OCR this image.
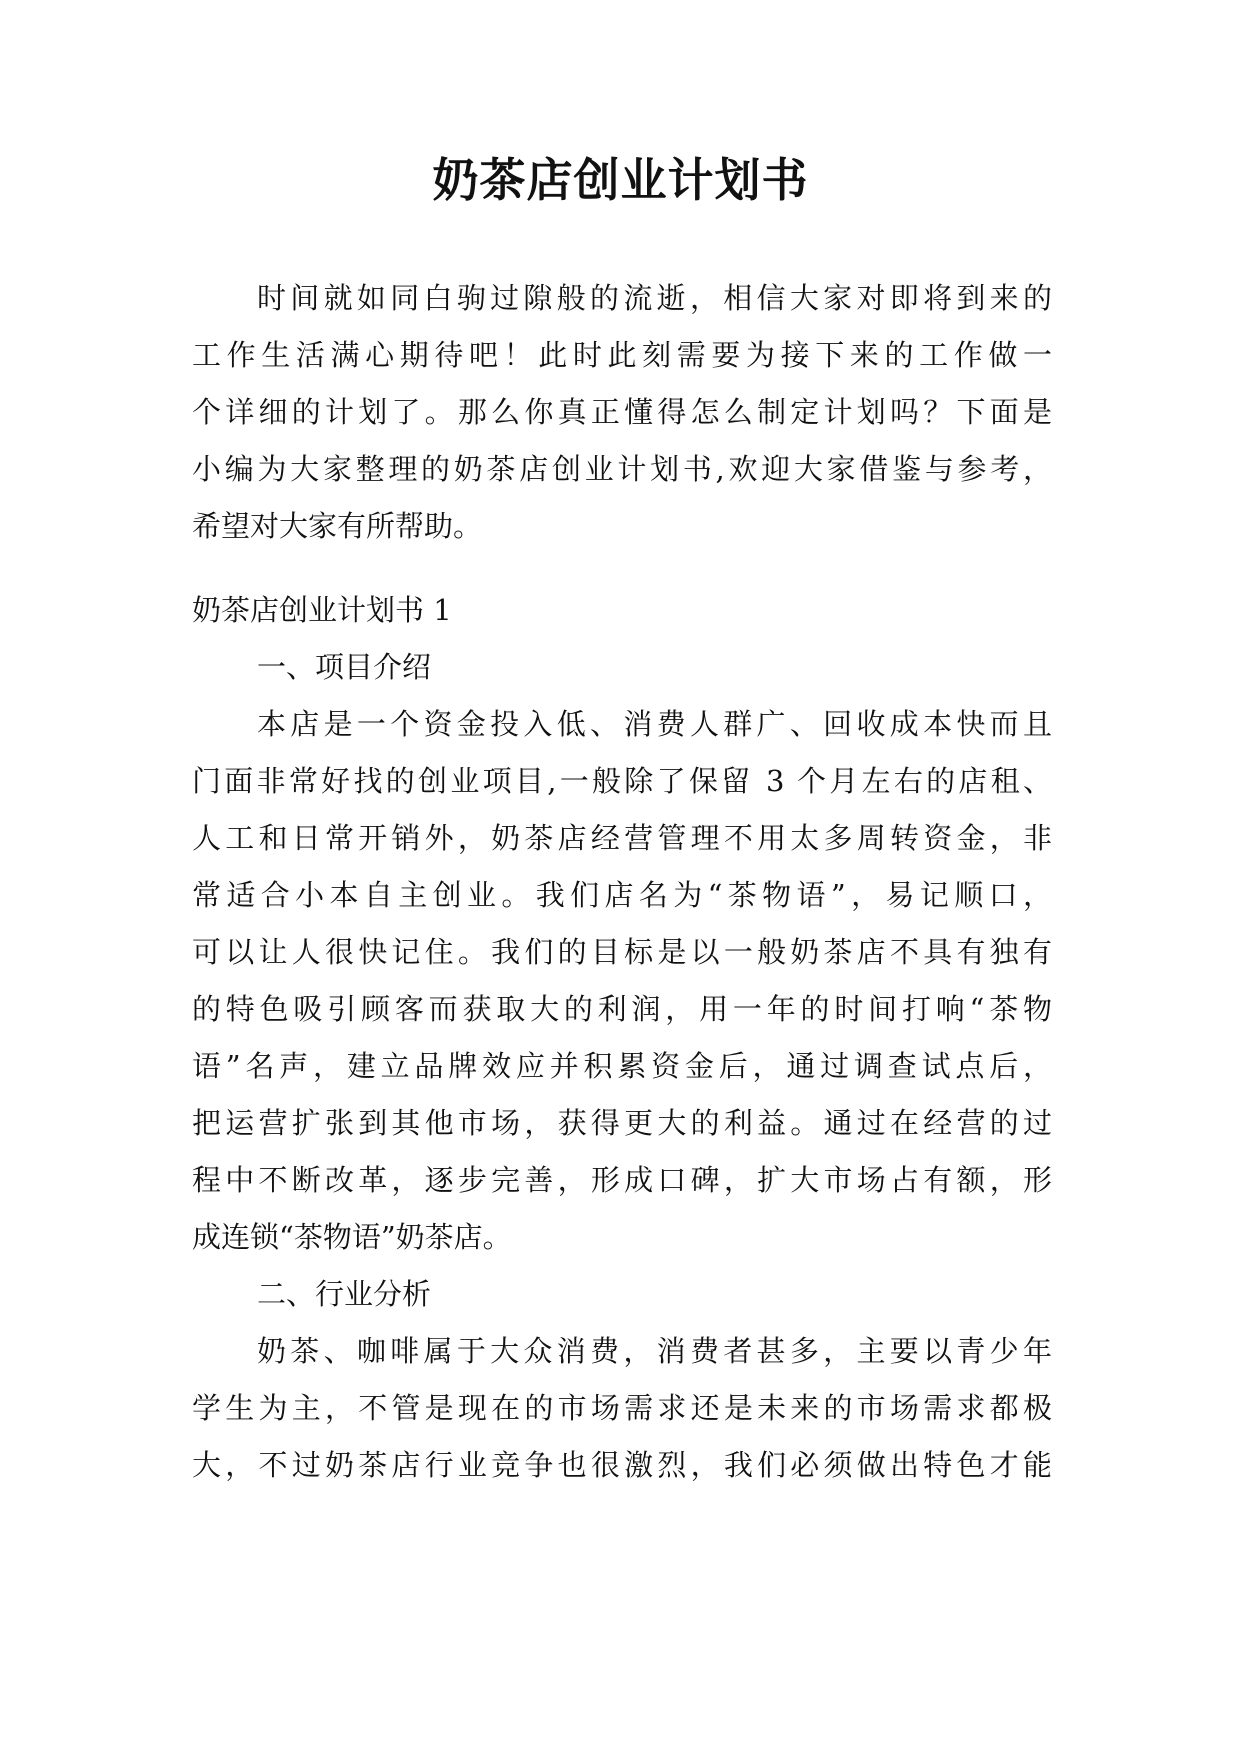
奶茶店创业计划书
时间就如同白驹过隙般的流逝，相信大家对即将到来的
工作生活满心期待吧！此时此刻需要为接下来的工作做一
个详细的计划了。那么你真正懂得怎么制定计划吗？下面是
小编为大家整理的奶茶店创业计划书,欢迎大家借鉴与参考，
希望对大家有所帮助。
奶茶店创业计划书 1
一、项目介绍
本店是一个资金投入低、消费人群广、回收成本快而且
门面非常好找的创业项目,一般除了保留 3 个月左右的店租、
人工和日常开销外，奶茶店经营管理不用太多周转资金，非
常适合小本自主创业。我们店名为“茶物语”，易记顺口，
可以让人很快记住。我们的目标是以一般奶茶店不具有独有
的特色吸引顾客而获取大的利润，用一年的时间打响“茶物
语”名声，建立品牌效应并积累资金后，通过调查试点后，
把运营扩张到其他市场，获得更大的利益。通过在经营的过
程中不断改革，逐步完善，形成口碑，扩大市场占有额，形
成连锁“茶物语”奶茶店。
二、行业分析
奶茶、咖啡属于大众消费，消费者甚多，主要以青少年
学生为主，不管是现在的市场需求还是未来的市场需求都极
大，不过奶茶店行业竞争也很激烈，我们必须做出特色才能
